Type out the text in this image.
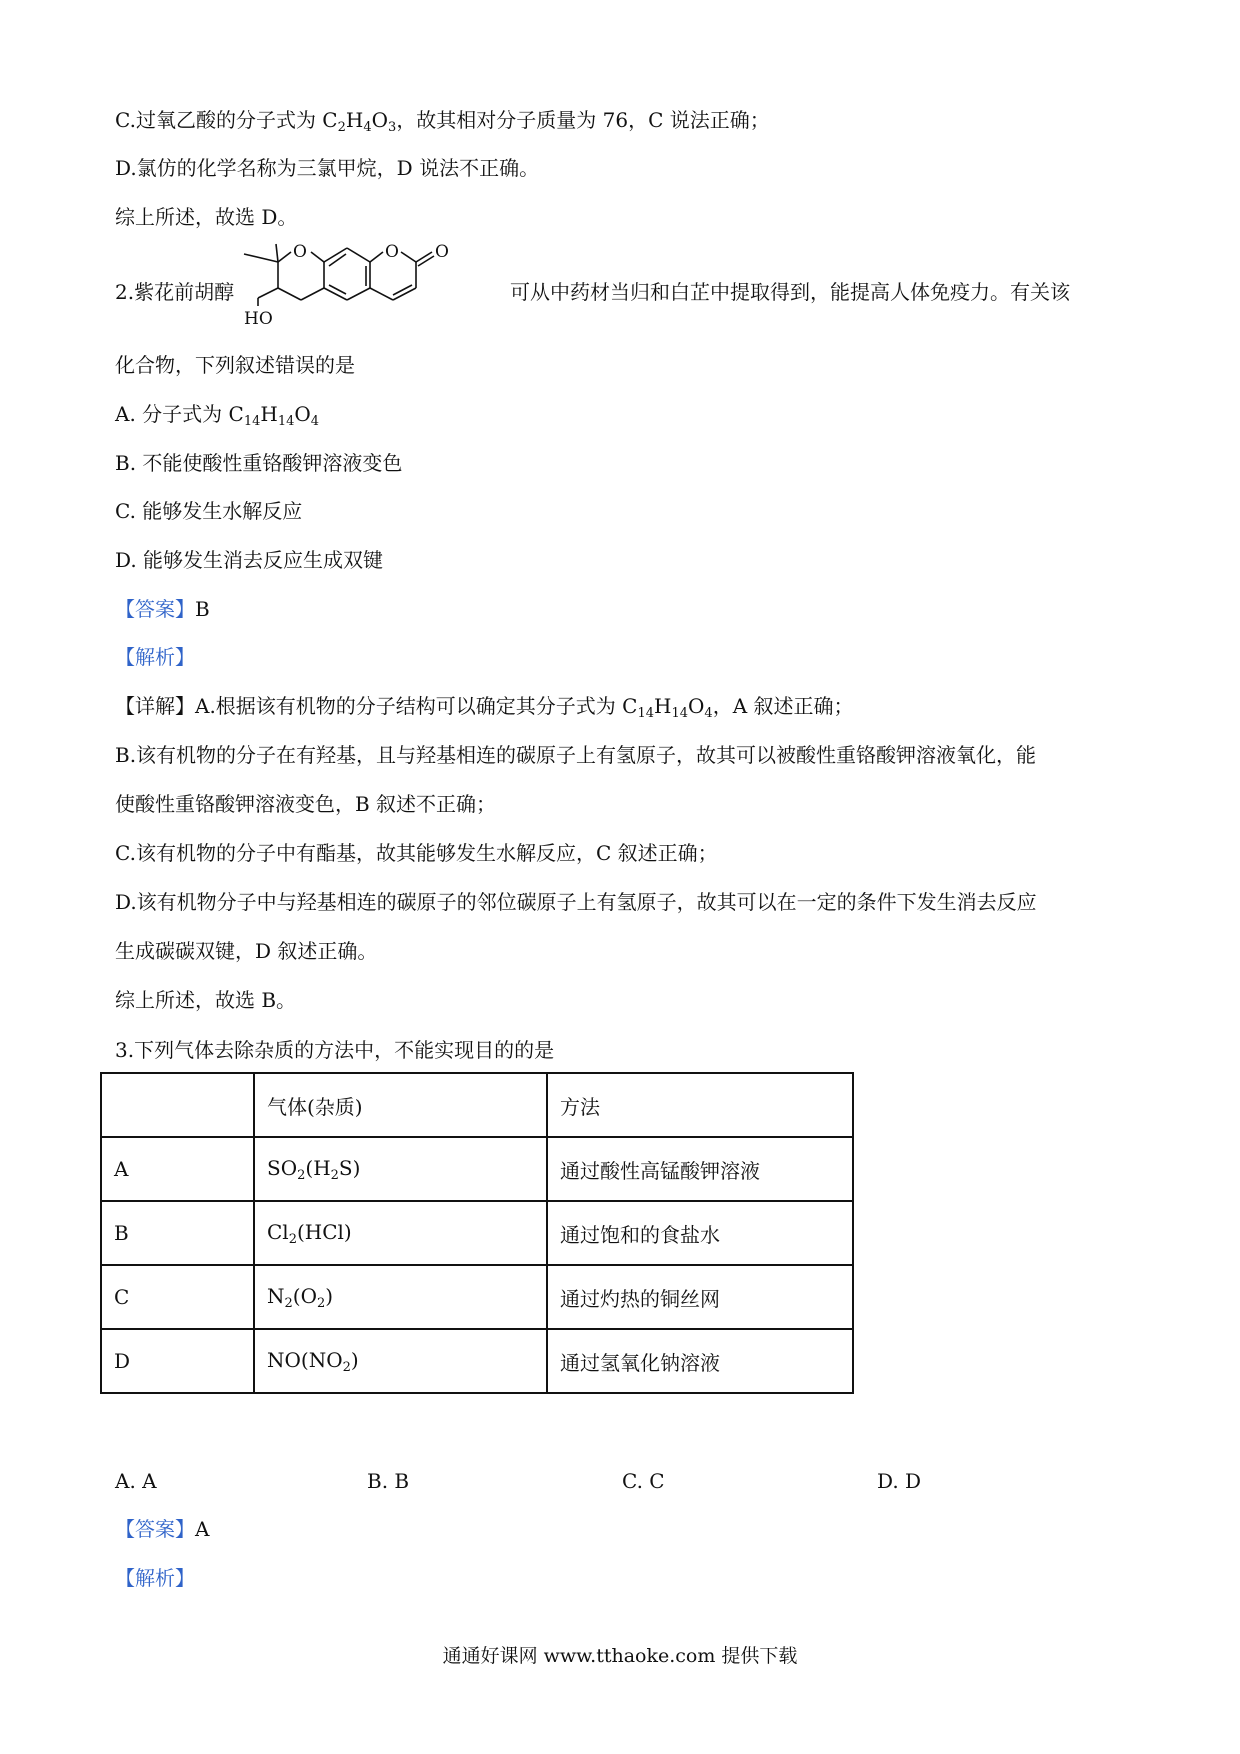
C.过氧乙酸的分子式为 $C_2H_4O_3$，故其相对分子质量为 76，C 说法正确；
D.氯仿的化学名称为三氯甲烷，D 说法不正确。
综上所述，故选 D。
2.紫花前胡醇
O	O O
HO
可从中药材当归和白芷中提取得到，能提高人体免疫力。有关该
化合物，下列叙述错误的是
A. 分子式为 $C_{14}H_{14}O_4$
B. 不能使酸性重铬酸钾溶液变色
C. 能够发生水解反应
D. 能够发生消去反应生成双键
【答案】B
【解析】
【详解】A.根据该有机物的分子结构可以确定其分子式为 $C_{14}H_{14}O_4$，A 叙述正确；
B.该有机物的分子在有羟基，且与羟基相连的碳原子上有氢原子，故其可以被酸性重铬酸钾溶液氧化，能
使酸性重铬酸钾溶液变色，B 叙述不正确；
C.该有机物的分子中有酯基，故其能够发生水解反应，C 叙述正确；
D.该有机物分子中与羟基相连的碳原子的邻位碳原子上有氢原子，故其可以在一定的条件下发生消去反应
生成碳碳双键，D 叙述正确。
综上所述，故选 B。
3.下列气体去除杂质的方法中，不能实现目的的是
	气体(杂质)	方法
A	$SO_2(H_2S)$	通过酸性高锰酸钾溶液
B	$Cl_2(HCl)$	通过饱和的食盐水
C	$N_2(O_2)$	通过灼热的铜丝网
D	$NO(NO_2)$	通过氢氧化钠溶液
A. A	B. B	C. C	D. D
【答案】A
【解析】
通通好课网 www.tthaoke.com 提供下载
